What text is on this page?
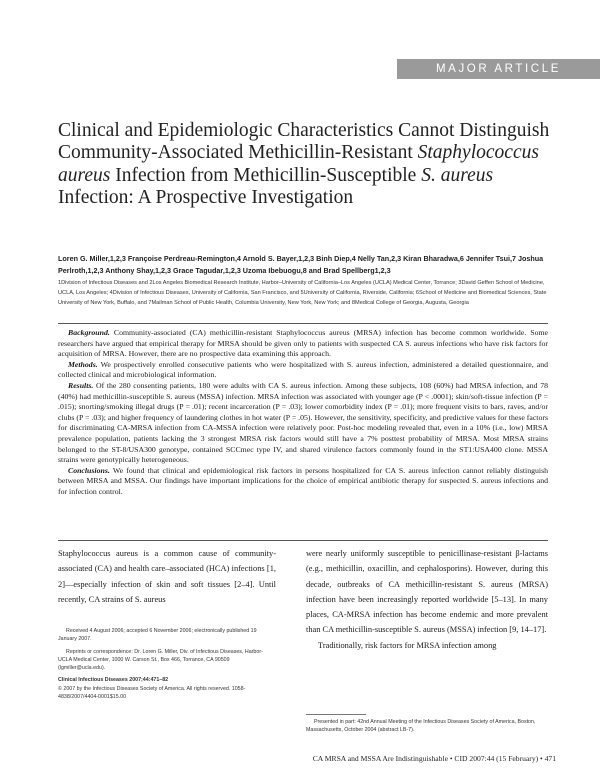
MAJOR ARTICLE
Clinical and Epidemiologic Characteristics Cannot Distinguish Community-Associated Methicillin-Resistant Staphylococcus aureus Infection from Methicillin-Susceptible S. aureus Infection: A Prospective Investigation
Loren G. Miller,1,2,3 Françoise Perdreau-Remington,4 Arnold S. Bayer,1,2,3 Binh Diep,4 Nelly Tan,2,3 Kiran Bharadwa,6 Jennifer Tsui,7 Joshua Perlroth,1,2,3 Anthony Shay,1,2,3 Grace Tagudar,1,2,3 Uzoma Ibebuogu,8 and Brad Spellberg1,2,3
1Division of Infectious Diseases and 2Los Angeles Biomedical Research Institute, Harbor–University of California–Los Angeles (UCLA) Medical Center, Torrance; 3David Geffen School of Medicine, UCLA, Los Angeles; 4Division of Infectious Diseases, University of California, San Francisco, and 5University of California, Riverside, California; 6School of Medicine and Biomedical Sciences, State University of New York, Buffalo, and 7Mailman School of Public Health, Columbia University, New York, New York; and 8Medical College of Georgia, Augusta, Georgia

Background. Community-associated (CA) methicillin-resistant Staphylococcus aureus (MRSA) infection has become common worldwide. Some researchers have argued that empirical therapy for MRSA should be given only to patients with suspected CA S. aureus infections who have risk factors for acquisition of MRSA. However, there are no prospective data examining this approach.

Methods. We prospectively enrolled consecutive patients who were hospitalized with S. aureus infection, administered a detailed questionnaire, and collected clinical and microbiological information.

Results. Of the 280 consenting patients, 180 were adults with CA S. aureus infection. Among these subjects, 108 (60%) had MRSA infection, and 78 (40%) had methicillin-susceptible S. aureus (MSSA) infection. MRSA infection was associated with younger age (P < .0001); skin/soft-tissue infection (P = .015); snorting/smoking illegal drugs (P = .01); recent incarceration (P = .03); lower comorbidity index (P = .01); more frequent visits to bars, raves, and/or clubs (P = .03); and higher frequency of laundering clothes in hot water (P = .05). However, the sensitivity, specificity, and predictive values for these factors for discriminating CA-MRSA infection from CA-MSSA infection were relatively poor. Post-hoc modeling revealed that, even in a 10% (i.e., low) MRSA prevalence population, patients lacking the 3 strongest MRSA risk factors would still have a 7% posttest probability of MRSA. Most MRSA strains belonged to the ST-8/USA300 genotype, contained SCCmec type IV, and shared virulence factors commonly found in the ST1:USA400 clone. MSSA strains were genotypically heterogeneous.

Conclusions. We found that clinical and epidemiological risk factors in persons hospitalized for CA S. aureus infection cannot reliably distinguish between MRSA and MSSA. Our findings have important implications for the choice of empirical antibiotic therapy for suspected S. aureus infections and for infection control.

Staphylococcus aureus is a common cause of community-associated (CA) and health care–associated (HCA) infections [1, 2]—especially infection of skin and soft tissues [2–4]. Until recently, CA strains of S. aureus

were nearly uniformly susceptible to penicillinase-resistant β-lactams (e.g., methicillin, oxacillin, and cephalosporins). However, during this decade, outbreaks of CA methicillin-resistant S. aureus (MRSA) infection have been increasingly reported worldwide [5–13]. In many places, CA-MRSA infection has become endemic and more prevalent than CA methicillin-susceptible S. aureus (MSSA) infection [9, 14–17].

Traditionally, risk factors for MRSA infection among

Received 4 August 2006; accepted 6 November 2006; electronically published 19 January 2007.

Reprints or correspondence: Dr. Loren G. Miller, Div. of Infectious Diseases, Harbor-UCLA Medical Center, 1000 W. Carson St., Box 466, Torrance, CA 90509 (lgmiller@ucla.edu).

Clinical Infectious Diseases 2007;44:471–82

© 2007 by the Infectious Diseases Society of America. All rights reserved. 1058-4838/2007/4404-0001$15.00

Presented in part: 42nd Annual Meeting of the Infectious Diseases Society of America, Boston, Massachusetts, October 2004 (abstract LB-7).

CA MRSA and MSSA Are Indistinguishable • CID 2007:44 (15 February) • 471
